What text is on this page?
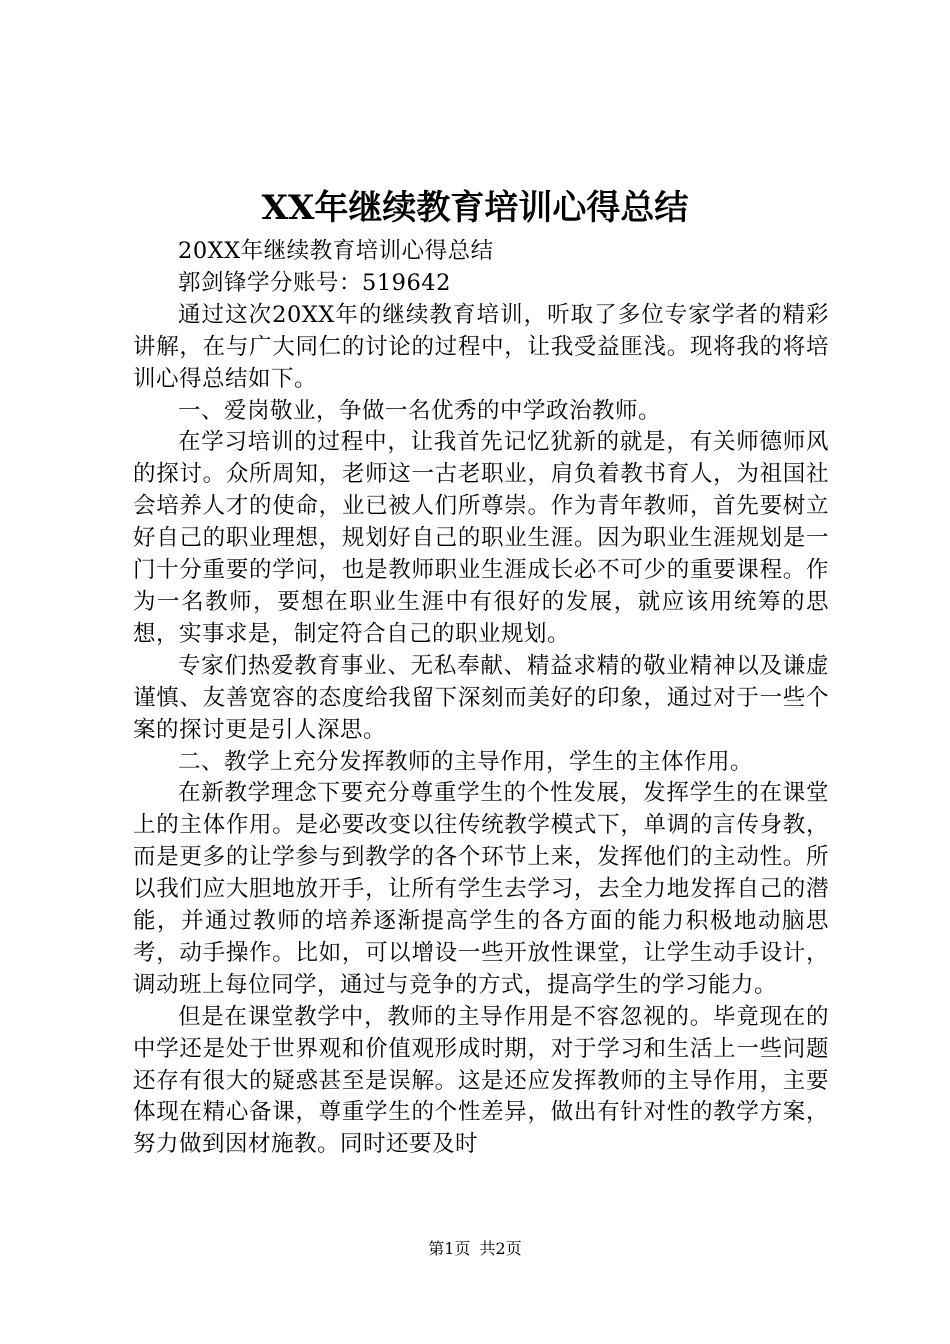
XX年继续教育培训心得总结

20XX年继续教育培训心得总结

郭剑锋学分账号：519642

通过这次20XX年的继续教育培训，听取了多位专家学者的精彩讲解，在与广大同仁的讨论的过程中，让我受益匪浅。现将我的将培训心得总结如下。

一、爱岗敬业，争做一名优秀的中学政治教师。

在学习培训的过程中，让我首先记忆犹新的就是，有关师德师风的探讨。众所周知，老师这一古老职业，肩负着教书育人，为祖国社会培养人才的使命，业已被人们所尊崇。作为青年教师，首先要树立好自己的职业理想，规划好自己的职业生涯。因为职业生涯规划是一门十分重要的学问，也是教师职业生涯成长必不可少的重要课程。作为一名教师，要想在职业生涯中有很好的发展，就应该用统筹的思想，实事求是，制定符合自己的职业规划。

专家们热爱教育事业、无私奉献、精益求精的敬业精神以及谦虚谨慎、友善宽容的态度给我留下深刻而美好的印象，通过对于一些个案的探讨更是引人深思。

二、教学上充分发挥教师的主导作用，学生的主体作用。

在新教学理念下要充分尊重学生的个性发展，发挥学生的在课堂上的主体作用。是必要改变以往传统教学模式下，单调的言传身教，而是更多的让学参与到教学的各个环节上来，发挥他们的主动性。所以我们应大胆地放开手，让所有学生去学习，去全力地发挥自己的潜能，并通过教师的培养逐渐提高学生的各方面的能力积极地动脑思考，动手操作。比如，可以增设一些开放性课堂，让学生动手设计，调动班上每位同学，通过与竞争的方式，提高学生的学习能力。

但是在课堂教学中，教师的主导作用是不容忽视的。毕竟现在的中学还是处于世界观和价值观形成时期，对于学习和生活上一些问题还存有很大的疑惑甚至是误解。这是还应发挥教师的主导作用，主要体现在精心备课，尊重学生的个性差异，做出有针对性的教学方案，努力做到因材施教。同时还要及时

第1页 共2页
